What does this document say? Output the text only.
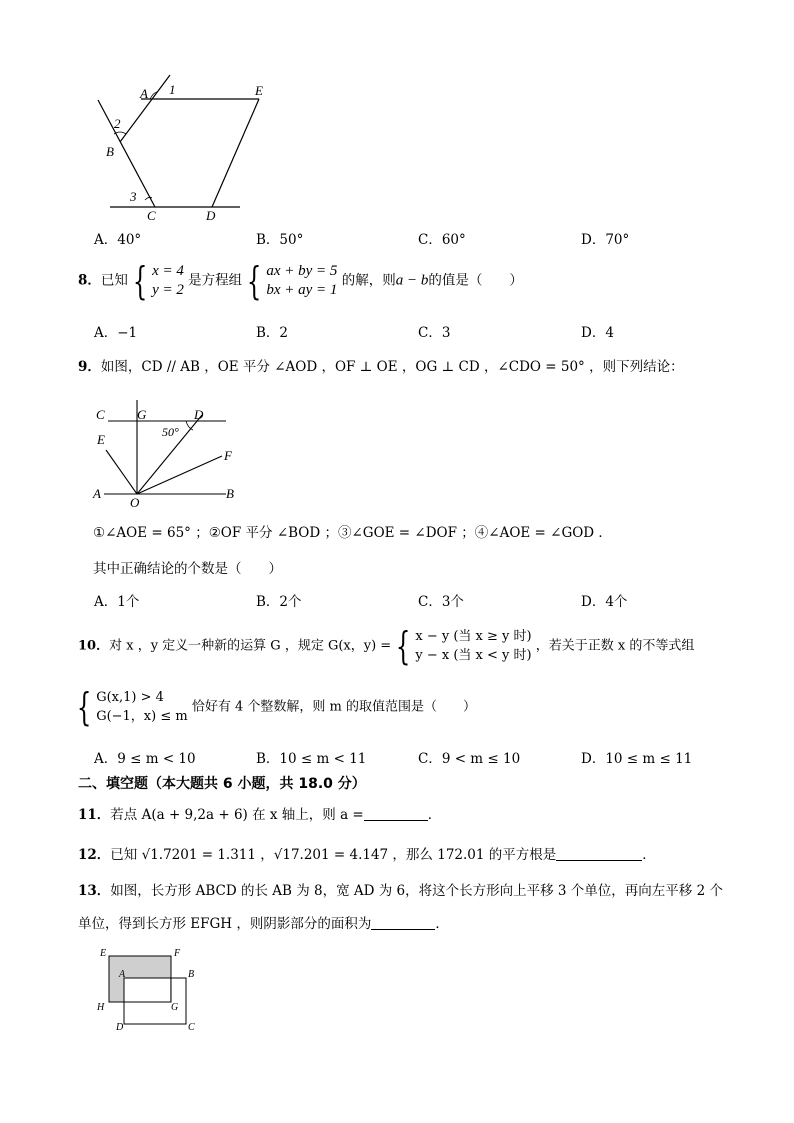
A 1	E
2
B
3
C	D
A．40°	B．50°	C．60°	D．70°
8．已知 { x = 4
y = 2 是方程组 { ax + by = 5
bx + ay = 1 的解，则a − b的值是（　　）
A．−1	B．2	C．3	D．4
9．如图，CD // AB ，OE 平分 ∠AOD ，OF ⊥ OE ，OG ⊥ CD ，∠CDO = 50° ，则下列结论：
C G	D
50°
E
F
A
O
B
①∠AOE = 65° ；②OF 平分 ∠BOD ；③∠GOE = ∠DOF ；④∠AOE = ∠GOD ．
其中正确结论的个数是（　　）
A．1个	B．2个	C．3个	D．4个
10．对 x ，y 定义一种新的运算 G ，规定 G(x，y) = { x − y (当 x ≥ y 时)
y − x (当 x < y 时) ，若关于正数 x 的不等式组
{ G(x,1) > 4
G(−1，x) ≤ m 恰好有 4 个整数解，则 m 的取值范围是（　　）
A．9 ≤ m < 10	B．10 ≤ m < 11	C．9 < m ≤ 10	D．10 ≤ m ≤ 11
二、填空题（本大题共 6 小题，共 18.0 分）
11．若点 A(a + 9,2a + 6) 在 x 轴上，则 a =	．
12．已知 √1.7201 = 1.311 ，√17.201 = 4.147 ，那么 172.01 的平方根是	．
13．如图，长方形 ABCD 的长 AB 为 8，宽 AD 为 6，将这个长方形向上平移 3 个单位，再向左平移 2 个
单位，得到长方形 EFGH ，则阴影部分的面积为	．
E	F
A	B
H	G
D	C
